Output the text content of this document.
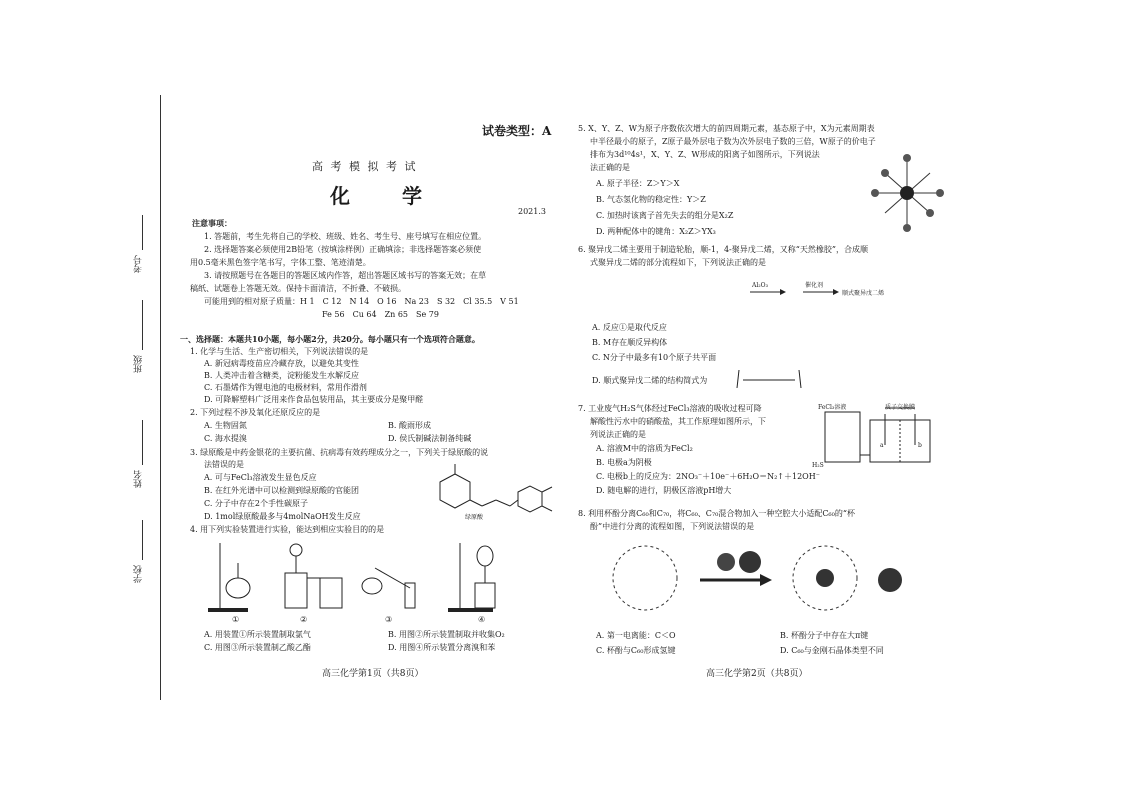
考号
班级
姓名
学校
试卷类型：A
高 考 模 拟 考 试
化　学
2021.3
注意事项：
1. 答题前，考生先将自己的学校、班级、姓名、考生号、座号填写在相应位置。
2. 选择题答案必须使用2B铅笔（按填涂样例）正确填涂；非选择题答案必须使
用0.5毫米黑色签字笔书写，字体工整、笔迹清楚。
3. 请按照题号在各题目的答题区域内作答，超出答题区域书写的答案无效；在草
稿纸、试题卷上答题无效。保持卡面清洁，不折叠、不破损。
可能用到的相对原子质量：H 1　C 12　N 14　O 16　Na 23　S 32　Cl 35.5　V 51
Fe 56　Cu 64　Zn 65　Se 79
一、选择题：本题共10小题，每小题2分，共20分。每小题只有一个选项符合题意。
1. 化学与生活、生产密切相关，下列说法错误的是
A. 新冠病毒疫苗应冷藏存放，以避免其变性
B. 人类冲击着含糖类，淀粉能发生水解反应
C. 石墨烯作为锂电池的电极材料，常用作滑剂
D. 可降解塑料广泛用来作食品包装用品，其主要成分是聚甲醛
2. 下列过程不涉及氧化还原反应的是
A. 生物固氮	B. 酸雨形成
C. 海水提溴	D. 侯氏制碱法制备纯碱
3. 绿原酸是中药金银花的主要抗菌、抗病毒有效药理成分之一，下列关于绿原酸的说
法错误的是
A. 可与FeCl₃溶液发生显色反应
B. 在红外光谱中可以检测到绿原酸的官能团
C. 分子中存在2个手性碳原子
D. 1mol绿原酸最多与4molNaOH发生反应	绿原酸
4. 用下列实验装置进行实验，能达到相应实验目的的是
①	②	③	④
A. 用装置①所示装置制取氯气	B. 用图②所示装置制取并收集O₂
C. 用图③所示装置制乙酸乙酯	D. 用图④所示装置分离溴和苯
高三化学第1页（共8页）
5. X、Y、Z、W为原子序数依次增大的前四周期元素，基态原子中，X为元素周期表
中半径最小的原子，Z原子最外层电子数为次外层电子数的三倍，W原子的价电子
排布为3d¹⁰4s¹，X、Y、Z、W形成的阳离子如图所示，下列说法
法正确的是
A. 原子半径：Z＞Y＞X
B. 气态氢化物的稳定性：Y＞Z
C. 加热时该离子首先失去的组分是X₂Z
D. 两种配体中的键角：X₂Z＞YX₃
6. 聚异戊二烯主要用于制造轮胎，顺-1，4-聚异戊二烯，又称“天然橡胶”，合成顺
式聚异戊二烯的部分流程如下，下列说法正确的是
Al₂O₃	催化剂
顺式聚异戊二烯
A. 反应①是取代反应
B. M存在顺反异构体
C. N分子中最多有10个原子共平面
D. 顺式聚异戊二烯的结构简式为
7. 工业废气H₂S气体经过FeCl₃溶液的吸收过程可降
解酸性污水中的硝酸盐，其工作原理如图所示，下
列说法正确的是
A. 溶液M中的溶质为FeCl₂
B. 电极a为阴极
C. 电极b上的反应为：2NO₃⁻＋10e⁻＋6H₂O＝N₂↑＋12OH⁻
D. 随电解的进行，阴极区溶液pH增大
FeCl₃溶液
H₂S
质子交换膜
b
a
8. 利用杯酚分离C₆₀和C₇₀，将C₆₀、C₇₀混合物加入一种空腔大小适配C₆₀的“杯
酚”中进行分离的流程如图，下列说法错误的是
A. 第一电离能：C＜O	B. 杯酚分子中存在大π键
C. 杯酚与C₆₀形成氢键	D. C₆₀与金刚石晶体类型不同
高三化学第2页（共8页）
